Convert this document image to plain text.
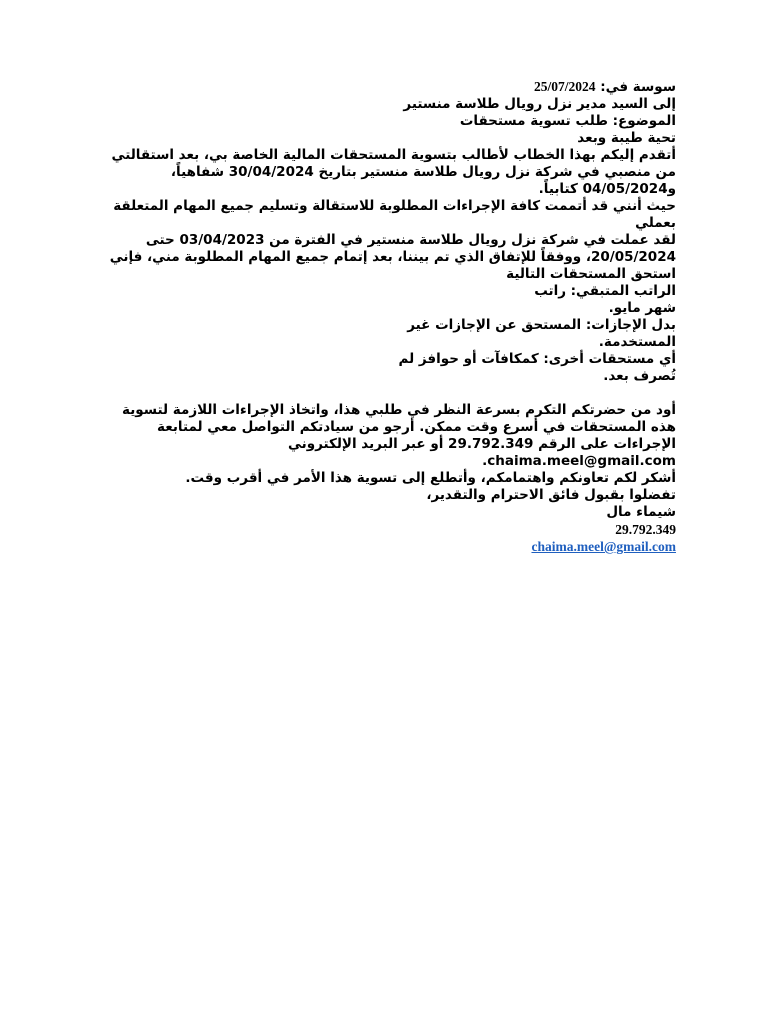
سوسة في: 25/07/2024

إلى السيد مدير نزل رويال طلاسة منستير

الموضوع: طلب تسوية مستحقات

تحية طيبة وبعد

أتقدم إليكم بهذا الخطاب لأطالب بتسوية المستحقات المالية الخاصة بي، بعد استقالتي من منصبي في شركة نزل رويال طلاسة منستير بتاريخ 30/04/2024 شفاهياً، و04/05/2024 كتابياً.

حيث أنني قد أتممت كافة الإجراءات المطلوبة للاستقالة وتسليم جميع المهام المتعلقة بعملي

لقد عملت في شركة نزل رويال طلاسة منستير في الفترة من 03/04/2023 حتى 20/05/2024، ووفقاً للإتفاق الذي تم بيننا، بعد إتمام جميع المهام المطلوبة مني، فإني استحق المستحقات التالية

الراتب المتبقي: راتب شهر مايو.

بدل الإجازات: المستحق عن الإجازات غير المستخدمة.

أي مستحقات أخرى: كمكافآت أو حوافز لم تُصرف بعد.

أود من حضرتكم التكرم بسرعة النظر في طلبي هذا، واتخاذ الإجراءات اللازمة لتسوية هذه المستحقات في أسرع وقت ممكن. أرجو من سيادتكم التواصل معي لمتابعة الإجراءات على الرقم 29.792.349 أو عبر البريد الإلكتروني chaima.meel@gmail.com.

أشكر لكم تعاونكم واهتمامكم، وأتطلع إلى تسوية هذا الأمر في أقرب وقت.

تفضلوا بقبول فائق الاحترام والتقدير،

شيماء مال

29.792.349

chaima.meel@gmail.com
